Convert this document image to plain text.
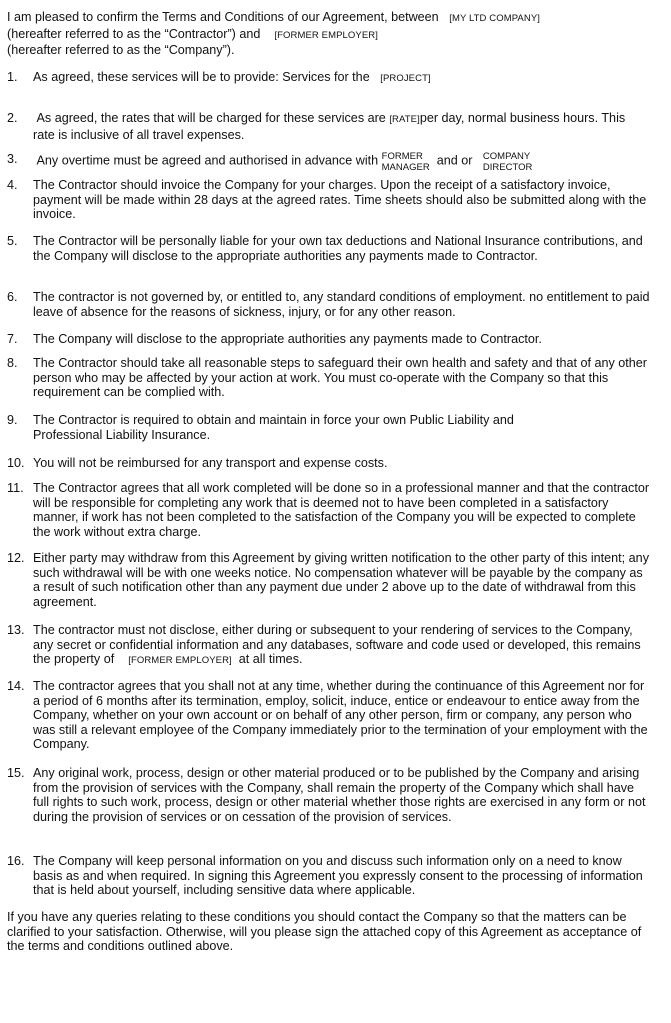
I am pleased to confirm the Terms and Conditions of our Agreement, between [MY LTD COMPANY]
(hereafter referred to as the “Contractor”) and [FORMER EMPLOYER]
(hereafter referred to as the “Company”).
1. As agreed, these services will be to provide: Services for the [PROJECT]
2. As agreed, the rates that will be charged for these services are [RATE]per day, normal business hours. This rate is inclusive of all travel expenses.
3. Any overtime must be agreed and authorised in advance with FORMER
MANAGER and or COMPANY
DIRECTOR
4. The Contractor should invoice the Company for your charges. Upon the receipt of a satisfactory invoice, payment will be made within 28 days at the agreed rates. Time sheets should also be submitted along with the invoice.
5. The Contractor will be personally liable for your own tax deductions and National Insurance contributions, and the Company will disclose to the appropriate authorities any payments made to Contractor.
6. The contractor is not governed by, or entitled to, any standard conditions of employment. no entitlement to paid leave of absence for the reasons of sickness, injury, or for any other reason.
7. The Company will disclose to the appropriate authorities any payments made to Contractor.
8. The Contractor should take all reasonable steps to safeguard their own health and safety and that of any other person who may be affected by your action at work. You must co-operate with the Company so that this requirement can be complied with.
9. The Contractor is required to obtain and maintain in force your own Public Liability and Professional Liability Insurance.
10. You will not be reimbursed for any transport and expense costs.
11. The Contractor agrees that all work completed will be done so in a professional manner and that the contractor will be responsible for completing any work that is deemed not to have been completed in a satisfactory manner, if work has not been completed to the satisfaction of the Company you will be expected to complete the work without extra charge.
12. Either party may withdraw from this Agreement by giving written notification to the other party of this intent; any such withdrawal will be with one weeks notice. No compensation whatever will be payable by the company as a result of such notification other than any payment due under 2 above up to the date of withdrawal from this agreement.
13. The contractor must not disclose, either during or subsequent to your rendering of services to the Company, any secret or confidential information and any databases, software and code used or developed, this remains the property of [FORMER EMPLOYER] at all times.
14. The contractor agrees that you shall not at any time, whether during the continuance of this Agreement nor for a period of 6 months after its termination, employ, solicit, induce, entice or endeavour to entice away from the Company, whether on your own account or on behalf of any other person, firm or company, any person who was still a relevant employee of the Company immediately prior to the termination of your employment with the Company.
15. Any original work, process, design or other material produced or to be published by the Company and arising from the provision of services with the Company, shall remain the property of the Company which shall have full rights to such work, process, design or other material whether those rights are exercised in any form or not during the provision of services or on cessation of the provision of services.
16. The Company will keep personal information on you and discuss such information only on a need to know basis as and when required. In signing this Agreement you expressly consent to the processing of information that is held about yourself, including sensitive data where applicable.
If you have any queries relating to these conditions you should contact the Company so that the matters can be clarified to your satisfaction. Otherwise, will you please sign the attached copy of this Agreement as acceptance of the terms and conditions outlined above.
